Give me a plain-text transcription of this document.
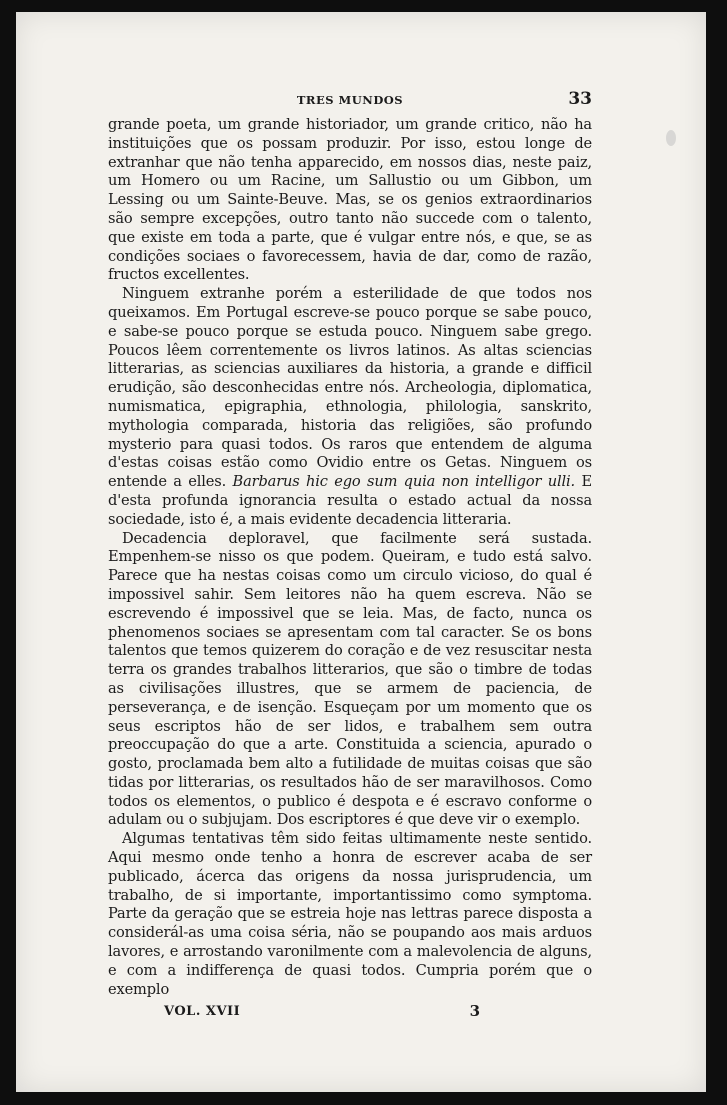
TRES MUNDOS	33

grande poeta, um grande historiador, um grande critico, não ha instituições que os possam produzir. Por isso, estou longe de extranhar que não tenha apparecido, em nossos dias, neste paiz, um Homero ou um Racine, um Sallustio ou um Gibbon, um Lessing ou um Sainte-Beuve. Mas, se os genios extraordinarios são sempre excepções, outro tanto não succede com o talento, que existe em toda a parte, que é vulgar entre nós, e que, se as condições sociaes o favorecessem, havia de dar, como de razão, fructos excellentes.

Ninguem extranhe porém a esterilidade de que todos nos queixamos. Em Portugal escreve-se pouco porque se sabe pouco, e sabe-se pouco porque se estuda pouco. Ninguem sabe grego. Poucos lêem correntemente os livros latinos. As altas sciencias litterarias, as sciencias auxiliares da historia, a grande e difficil erudição, são desconhecidas entre nós. Archeologia, diplomatica, numismatica, epigraphia, ethnologia, philologia, sanskrito, mythologia comparada, historia das religiões, são profundo mysterio para quasi todos. Os raros que entendem de alguma d'estas coisas estão como Ovidio entre os Getas. Ninguem os entende a elles. Barbarus hic ego sum quia non intelligor ulli. E d'esta profunda ignorancia resulta o estado actual da nossa sociedade, isto é, a mais evidente decadencia litteraria.

Decadencia deploravel, que facilmente será sustada. Empenhem-se nisso os que podem. Queiram, e tudo está salvo. Parece que ha nestas coisas como um circulo vicioso, do qual é impossivel sahir. Sem leitores não ha quem escreva. Não se escrevendo é impossivel que se leia. Mas, de facto, nunca os phenomenos sociaes se apresentam com tal caracter. Se os bons talentos que temos quizerem do coração e de vez resuscitar nesta terra os grandes trabalhos litterarios, que são o timbre de todas as civilisações illustres, que se armem de paciencia, de perseverança, e de isenção. Esqueçam por um momento que os seus escriptos hão de ser lidos, e trabalhem sem outra preoccupação do que a arte. Constituida a sciencia, apurado o gosto, proclamada bem alto a futilidade de muitas coisas que são tidas por litterarias, os resultados hão de ser maravilhosos. Como todos os elementos, o publico é despota e é escravo conforme o adulam ou o subjujam. Dos escriptores é que deve vir o exemplo.

Algumas tentativas têm sido feitas ultimamente neste sentido. Aqui mesmo onde tenho a honra de escrever acaba de ser publicado, ácerca das origens da nossa jurisprudencia, um trabalho, de si importante, importantissimo como symptoma. Parte da geração que se estreia hoje nas lettras parece disposta a considerál-as uma coisa séria, não se poupando aos mais arduos lavores, e arrostando varonilmente com a malevolencia de alguns, e com a indifferença de quasi todos. Cumpria porém que o exemplo

VOL. XVII	3
